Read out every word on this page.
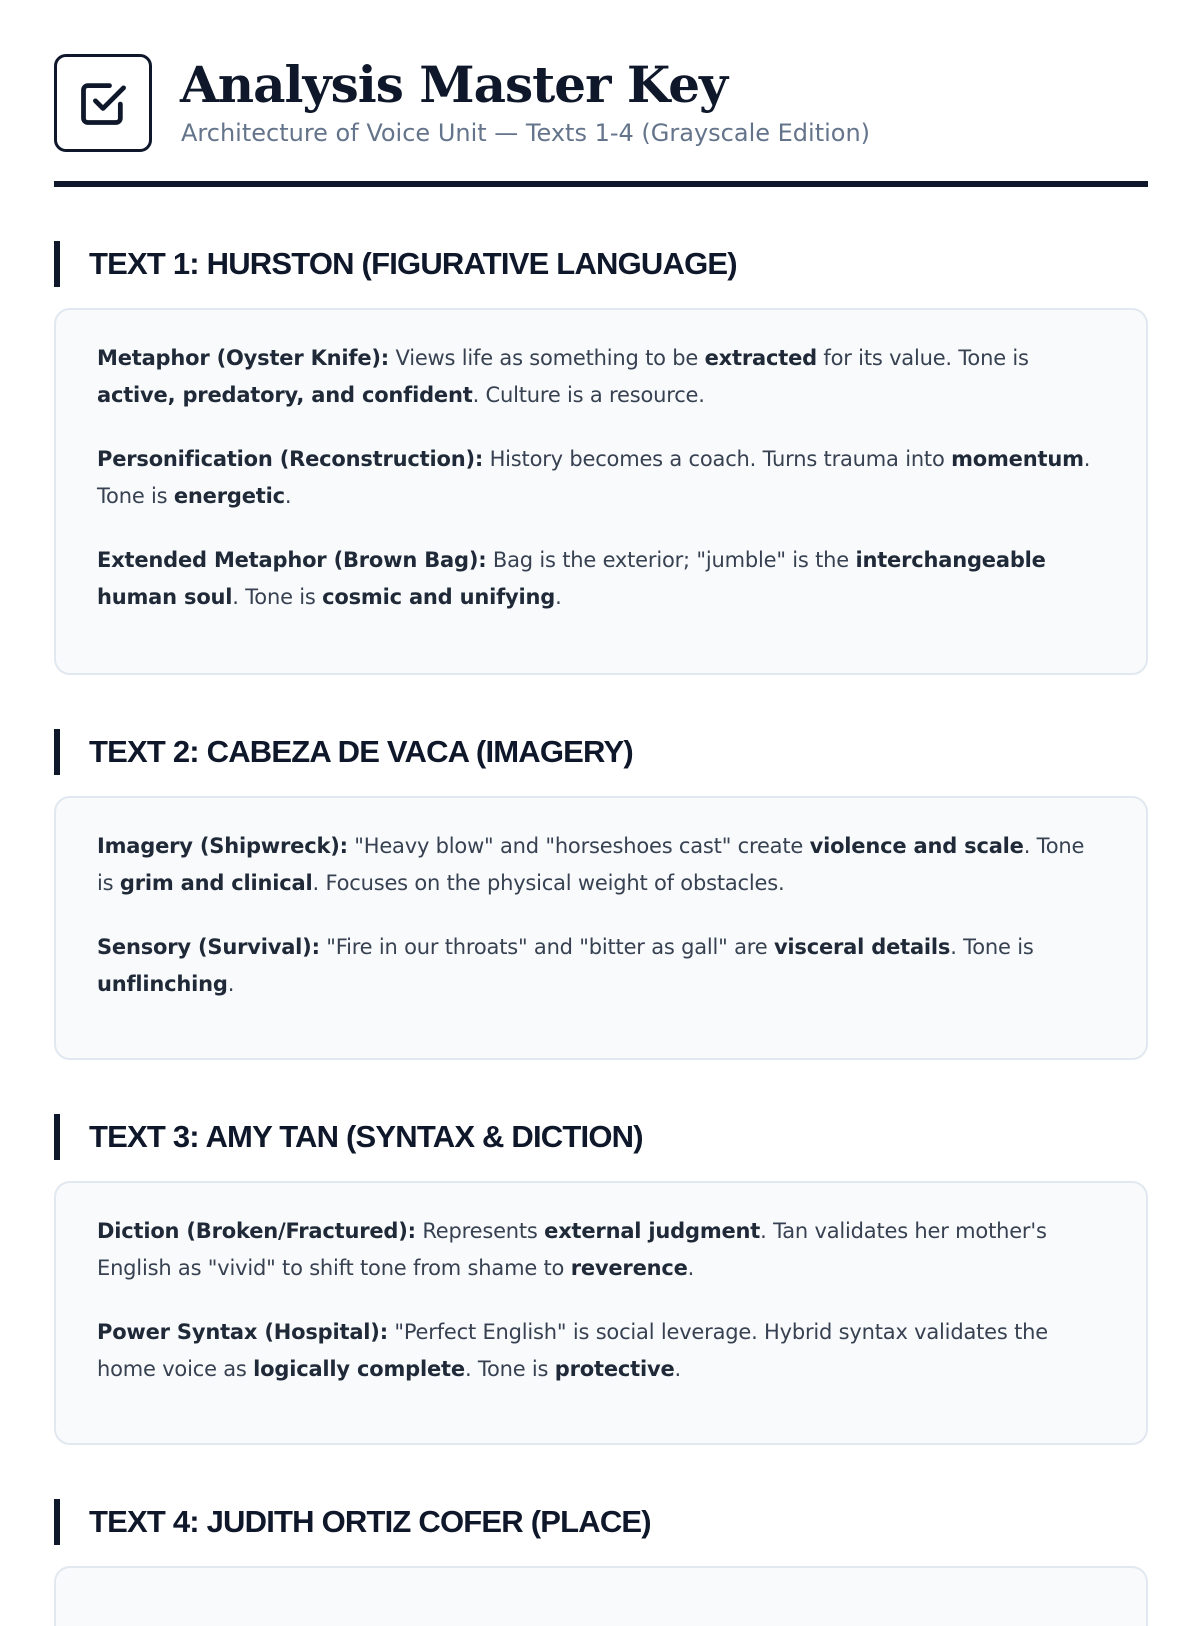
Analysis Master Key
Architecture of Voice Unit — Texts 1-4 (Grayscale Edition)
TEXT 1: HURSTON (FIGURATIVE LANGUAGE)

Metaphor (Oyster Knife): Views life as something to be extracted for its value. Tone is active, predatory, and confident. Culture is a resource.

Personification (Reconstruction): History becomes a coach. Turns trauma into momentum. Tone is energetic.

Extended Metaphor (Brown Bag): Bag is the exterior; "jumble" is the interchangeable human soul. Tone is cosmic and unifying.

TEXT 2: CABEZA DE VACA (IMAGERY)

Imagery (Shipwreck): "Heavy blow" and "horseshoes cast" create violence and scale. Tone is grim and clinical. Focuses on the physical weight of obstacles.

Sensory (Survival): "Fire in our throats" and "bitter as gall" are visceral details. Tone is unflinching.

TEXT 3: AMY TAN (SYNTAX & DICTION)

Diction (Broken/Fractured): Represents external judgment. Tan validates her mother's English as "vivid" to shift tone from shame to reverence.

Power Syntax (Hospital): "Perfect English" is social leverage. Hybrid syntax validates the home voice as logically complete. Tone is protective.

TEXT 4: JUDITH ORTIZ COFER (PLACE)
